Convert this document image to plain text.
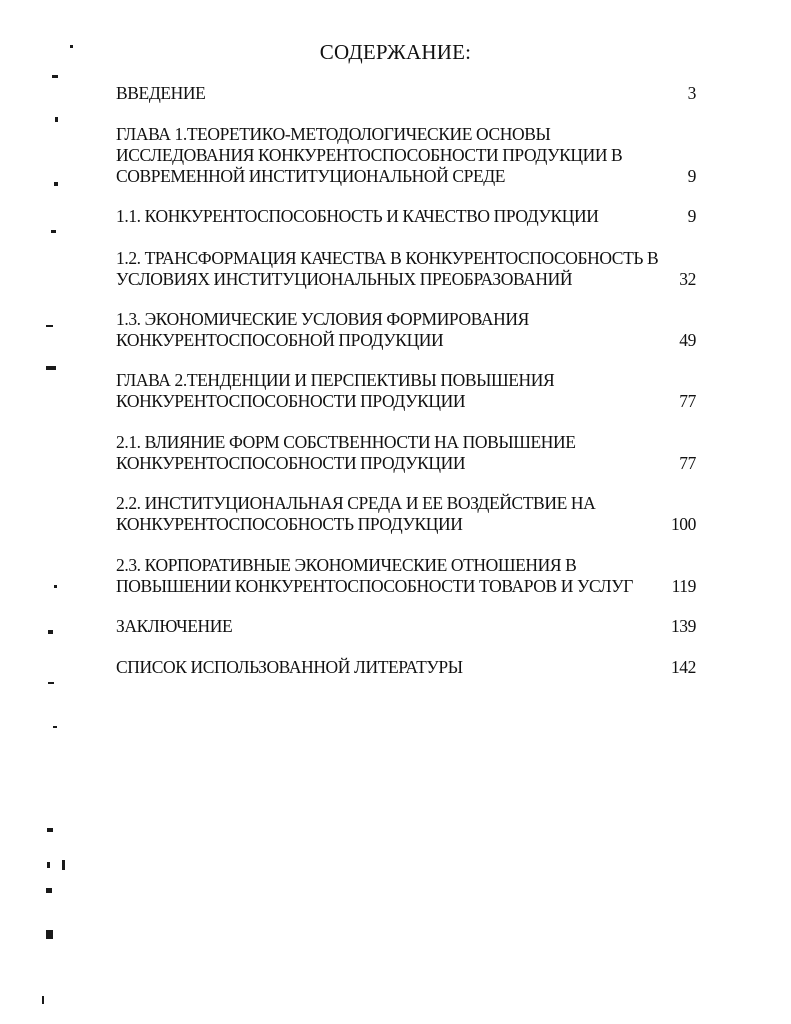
СОДЕРЖАНИЕ:
ВВЕДЕНИЕ	3
ГЛАВА 1.ТЕОРЕТИКО-МЕТОДОЛОГИЧЕСКИЕ ОСНОВЫ
ИССЛЕДОВАНИЯ КОНКУРЕНТОСПОСОБНОСТИ ПРОДУКЦИИ В
СОВРЕМЕННОЙ ИНСТИТУЦИОНАЛЬНОЙ СРЕДЕ	9
1.1. КОНКУРЕНТОСПОСОБНОСТЬ И КАЧЕСТВО ПРОДУКЦИИ	9
1.2. ТРАНСФОРМАЦИЯ КАЧЕСТВА В КОНКУРЕНТОСПОСОБНОСТЬ В
УСЛОВИЯХ ИНСТИТУЦИОНАЛЬНЫХ ПРЕОБРАЗОВАНИЙ	32
1.3. ЭКОНОМИЧЕСКИЕ УСЛОВИЯ ФОРМИРОВАНИЯ
КОНКУРЕНТОСПОСОБНОЙ ПРОДУКЦИИ	49
ГЛАВА 2.ТЕНДЕНЦИИ И ПЕРСПЕКТИВЫ ПОВЫШЕНИЯ
КОНКУРЕНТОСПОСОБНОСТИ ПРОДУКЦИИ	77
2.1. ВЛИЯНИЕ ФОРМ СОБСТВЕННОСТИ НА ПОВЫШЕНИЕ
КОНКУРЕНТОСПОСОБНОСТИ ПРОДУКЦИИ	77
2.2. ИНСТИТУЦИОНАЛЬНАЯ СРЕДА И ЕЕ ВОЗДЕЙСТВИЕ НА
КОНКУРЕНТОСПОСОБНОСТЬ ПРОДУКЦИИ	100
2.3. КОРПОРАТИВНЫЕ ЭКОНОМИЧЕСКИЕ ОТНОШЕНИЯ В
ПОВЫШЕНИИ КОНКУРЕНТОСПОСОБНОСТИ ТОВАРОВ И УСЛУГ	119
ЗАКЛЮЧЕНИЕ	139
СПИСОК ИСПОЛЬЗОВАННОЙ ЛИТЕРАТУРЫ	142
